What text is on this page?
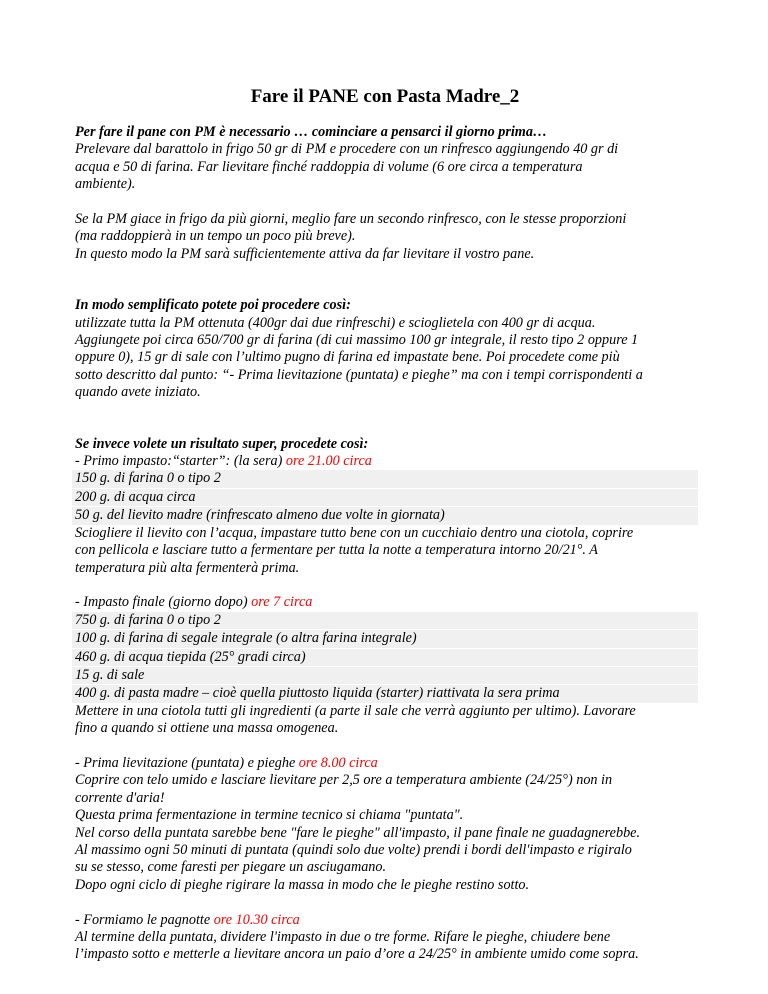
Fare il PANE con Pasta Madre_2

Per fare il pane con PM è necessario … cominciare a pensarci il giorno prima…

Prelevare dal barattolo in frigo 50 gr di PM e procedere con un rinfresco aggiungendo 40 gr di

acqua e 50 di farina. Far lievitare finché raddoppia di volume (6 ore circa a temperatura

ambiente).

Se la PM giace in frigo da più giorni, meglio fare un secondo rinfresco, con le stesse proporzioni

(ma raddoppierà in un tempo un poco più breve).

In questo modo la PM sarà sufficientemente attiva da far lievitare il vostro pane.

In modo semplificato potete poi procedere così:

utilizzate tutta la PM ottenuta (400gr dai due rinfreschi) e scioglietela con 400 gr di acqua.

Aggiungete poi circa 650/700 gr di farina (di cui massimo 100 gr integrale, il resto tipo 2 oppure 1

oppure 0), 15 gr di sale con l’ultimo pugno di farina ed impastate bene. Poi procedete come più

sotto descritto dal punto: “- Prima lievitazione (puntata) e pieghe” ma con i tempi corrispondenti a

quando avete iniziato.

Se invece volete un risultato super, procedete così:

- Primo impasto:“starter”: (la sera) ore 21.00 circa

150 g. di farina 0 o tipo 2

200 g. di acqua circa

50 g. del lievito madre (rinfrescato almeno due volte in giornata)

Sciogliere il lievito con l’acqua, impastare tutto bene con un cucchiaio dentro una ciotola, coprire

con pellicola e lasciare tutto a fermentare per tutta la notte a temperatura intorno 20/21°. A

temperatura più alta fermenterà prima.

- Impasto finale (giorno dopo) ore 7 circa

750 g. di farina 0 o tipo 2

100 g. di farina di segale integrale (o altra farina integrale)

460 g. di acqua tiepida (25° gradi circa)

15 g. di sale

400 g. di pasta madre – cioè quella piuttosto liquida (starter) riattivata la sera prima

Mettere in una ciotola tutti gli ingredienti (a parte il sale che verrà aggiunto per ultimo). Lavorare

fino a quando si ottiene una massa omogenea.

- Prima lievitazione (puntata) e pieghe ore 8.00 circa

Coprire con telo umido e lasciare lievitare per 2,5 ore a temperatura ambiente (24/25°) non in

corrente d'aria!

Questa prima fermentazione in termine tecnico si chiama "puntata".

Nel corso della puntata sarebbe bene "fare le pieghe" all'impasto, il pane finale ne guadagnerebbe.

Al massimo ogni 50 minuti di puntata (quindi solo due volte) prendi i bordi dell'impasto e rigiralo

su se stesso, come faresti per piegare un asciugamano.

Dopo ogni ciclo di pieghe rigirare la massa in modo che le pieghe restino sotto.

- Formiamo le pagnotte ore 10.30 circa

Al termine della puntata, dividere l'impasto in due o tre forme. Rifare le pieghe, chiudere bene

l’impasto sotto e metterle a lievitare ancora un paio d’ore a 24/25° in ambiente umido come sopra.
